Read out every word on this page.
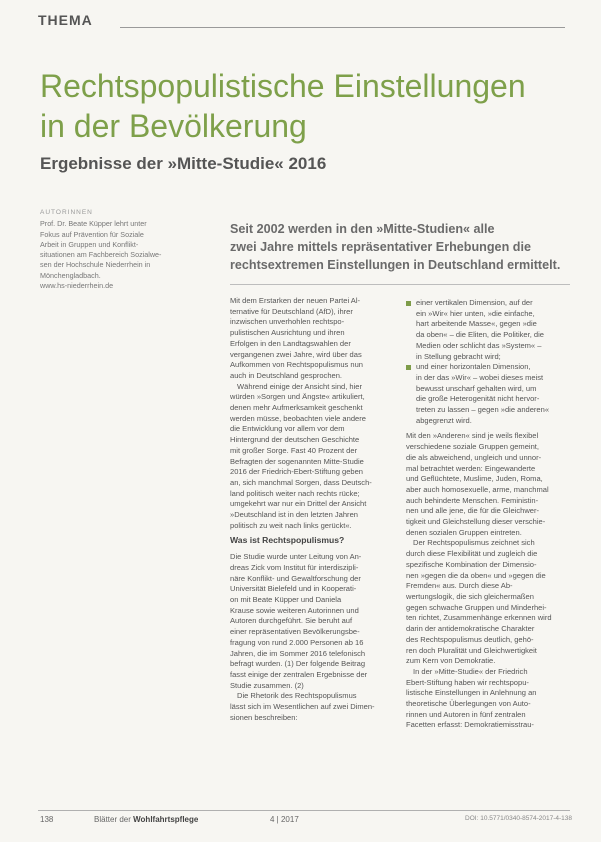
THEMA
Rechtspopulistische Einstellungen
in der Bevölkerung
Ergebnisse der »Mitte-Studie« 2016
AUTORINNEN
Prof. Dr. Beate Küpper lehrt unter
Fokus auf Prävention für Soziale
Arbeit in Gruppen und Konflikt-
situationen am Fachbereich Sozialwe-
sen der Hochschule Niederrhein in
Mönchengladbach.
www.hs-niederrhein.de
Seit 2002 werden in den »Mitte-Studien« alle
zwei Jahre mittels repräsentativer Erhebungen die
rechtsextremen Einstellungen in Deutschland ermittelt.
Mit dem Erstarken der neuen Partei Al-
ternative für Deutschland (AfD), ihrer
inzwischen unverhohlen rechtspo-
pulistischen Ausrichtung und ihren
Erfolgen in den Landtagswahlen der
vergangenen zwei Jahre, wird über das
Aufkommen von Rechtspopulismus nun
auch in Deutschland gesprochen.
Während einige der Ansicht sind, hier
würden »Sorgen und Ängste« artikuliert,
denen mehr Aufmerksamkeit geschenkt
werden müsse, beobachten viele andere
die Entwicklung vor allem vor dem
Hintergrund der deutschen Geschichte
mit großer Sorge. Fast 40 Prozent der
Befragten der sogenannten Mitte-Studie
2016 der Friedrich-Ebert-Stiftung geben
an, sich manchmal Sorgen, dass Deutsch-
land politisch weiter nach rechts rücke;
umgekehrt war nur ein Drittel der Ansicht
»Deutschland ist in den letzten Jahren
politisch zu weit nach links gerückt«.
Was ist Rechtspopulismus?
Die Studie wurde unter Leitung von An-
dreas Zick vom Institut für interdiszipli-
näre Konflikt- und Gewaltforschung der
Universität Bielefeld und in Kooperati-
on mit Beate Küpper und Daniela
Krause sowie weiteren Autorinnen und
Autoren durchgeführt. Sie beruht auf
einer repräsentativen Bevölkerungsbe-
fragung von rund 2.000 Personen ab 16
Jahren, die im Sommer 2016 telefonisch
befragt wurden. (1) Der folgende Beitrag
fasst einige der zentralen Ergebnisse der
Studie zusammen. (2)
Die Rhetorik des Rechtspopulismus
lässt sich im Wesentlichen auf zwei Dimen-
sionen beschreiben:
einer vertikalen Dimension, auf der
ein »Wir« hier unten, »die einfache,
hart arbeitende Masse«, gegen »die
da oben« – die Eliten, die Politiker, die
Medien oder schlicht das »System« –
in Stellung gebracht wird;
und einer horizontalen Dimension,
in der das »Wir« – wobei dieses meist
bewusst unscharf gehalten wird, um
die große Heterogenität nicht hervor-
treten zu lassen – gegen »die anderen«
abgegrenzt wird.
Mit den »Anderen« sind je weils flexibel
verschiedene soziale Gruppen gemeint,
die als abweichend, ungleich und unnor-
mal betrachtet werden: Eingewanderte
und Geflüchtete, Muslime, Juden, Roma,
aber auch homosexuelle, arme, manchmal
auch behinderte Menschen. Feministin-
nen und alle jene, die für die Gleichwer-
tigkeit und Gleichstellung dieser verschie-
denen sozialen Gruppen eintreten.
Der Rechtspopulismus zeichnet sich
durch diese Flexibilität und zugleich die
spezifische Kombination der Dimensio-
nen »gegen die da oben« und »gegen die
Fremden« aus. Durch diese Ab-
wertungslogik, die sich gleichermaßen
gegen schwache Gruppen und Minderhei-
ten richtet, Zusammenhänge erkennen wird
darin der antidemokratische Charakter
des Rechtspopulismus deutlich, gehö-
ren doch Pluralität und Gleichwertigkeit
zum Kern von Demokratie.
In der »Mitte-Studie« der Friedrich
Ebert-Stiftung haben wir rechtspopu-
listische Einstellungen in Anlehnung an
theoretische Überlegungen von Auto-
rinnen und Autoren in fünf zentralen
Facetten erfasst: Demokratiemisstrau-
138	Blätter der Wohlfahrtspflege	4 | 2017	DOI: 10.5771/0340-8574-2017-4-138
